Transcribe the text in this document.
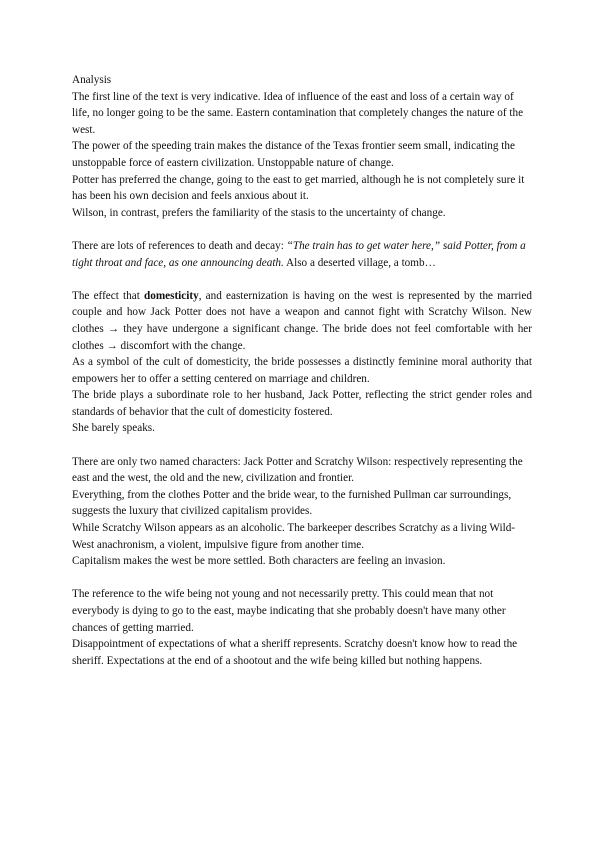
Analysis

The first line of the text is very indicative. Idea of influence of the east and loss of a certain way of life, no longer going to be the same. Eastern contamination that completely changes the nature of the west.

The power of the speeding train makes the distance of the Texas frontier seem small, indicating the unstoppable force of eastern civilization. Unstoppable nature of change.

Potter has preferred the change, going to the east to get married, although he is not completely sure it has been his own decision and feels anxious about it.

Wilson, in contrast, prefers the familiarity of the stasis to the uncertainty of change.

There are lots of references to death and decay: “The train has to get water here,” said Potter, from a tight throat and face, as one announcing death. Also a deserted village, a tomb…

The effect that domesticity, and easternization is having on the west is represented by the married couple and how Jack Potter does not have a weapon and cannot fight with Scratchy Wilson. New clothes → they have undergone a significant change. The bride does not feel comfortable with her clothes → discomfort with the change.

As a symbol of the cult of domesticity, the bride possesses a distinctly feminine moral authority that empowers her to offer a setting centered on marriage and children.

The bride plays a subordinate role to her husband, Jack Potter, reflecting the strict gender roles and standards of behavior that the cult of domesticity fostered.

She barely speaks.

There are only two named characters: Jack Potter and Scratchy Wilson: respectively representing the east and the west, the old and the new, civilization and frontier.

Everything, from the clothes Potter and the bride wear, to the furnished Pullman car surroundings, suggests the luxury that civilized capitalism provides.

While Scratchy Wilson appears as an alcoholic. The barkeeper describes Scratchy as a living Wild-West anachronism, a violent, impulsive figure from another time.

Capitalism makes the west be more settled. Both characters are feeling an invasion.

The reference to the wife being not young and not necessarily pretty. This could mean that not everybody is dying to go to the east, maybe indicating that she probably doesn't have many other chances of getting married.

Disappointment of expectations of what a sheriff represents. Scratchy doesn't know how to read the sheriff. Expectations at the end of a shootout and the wife being killed but nothing happens.
